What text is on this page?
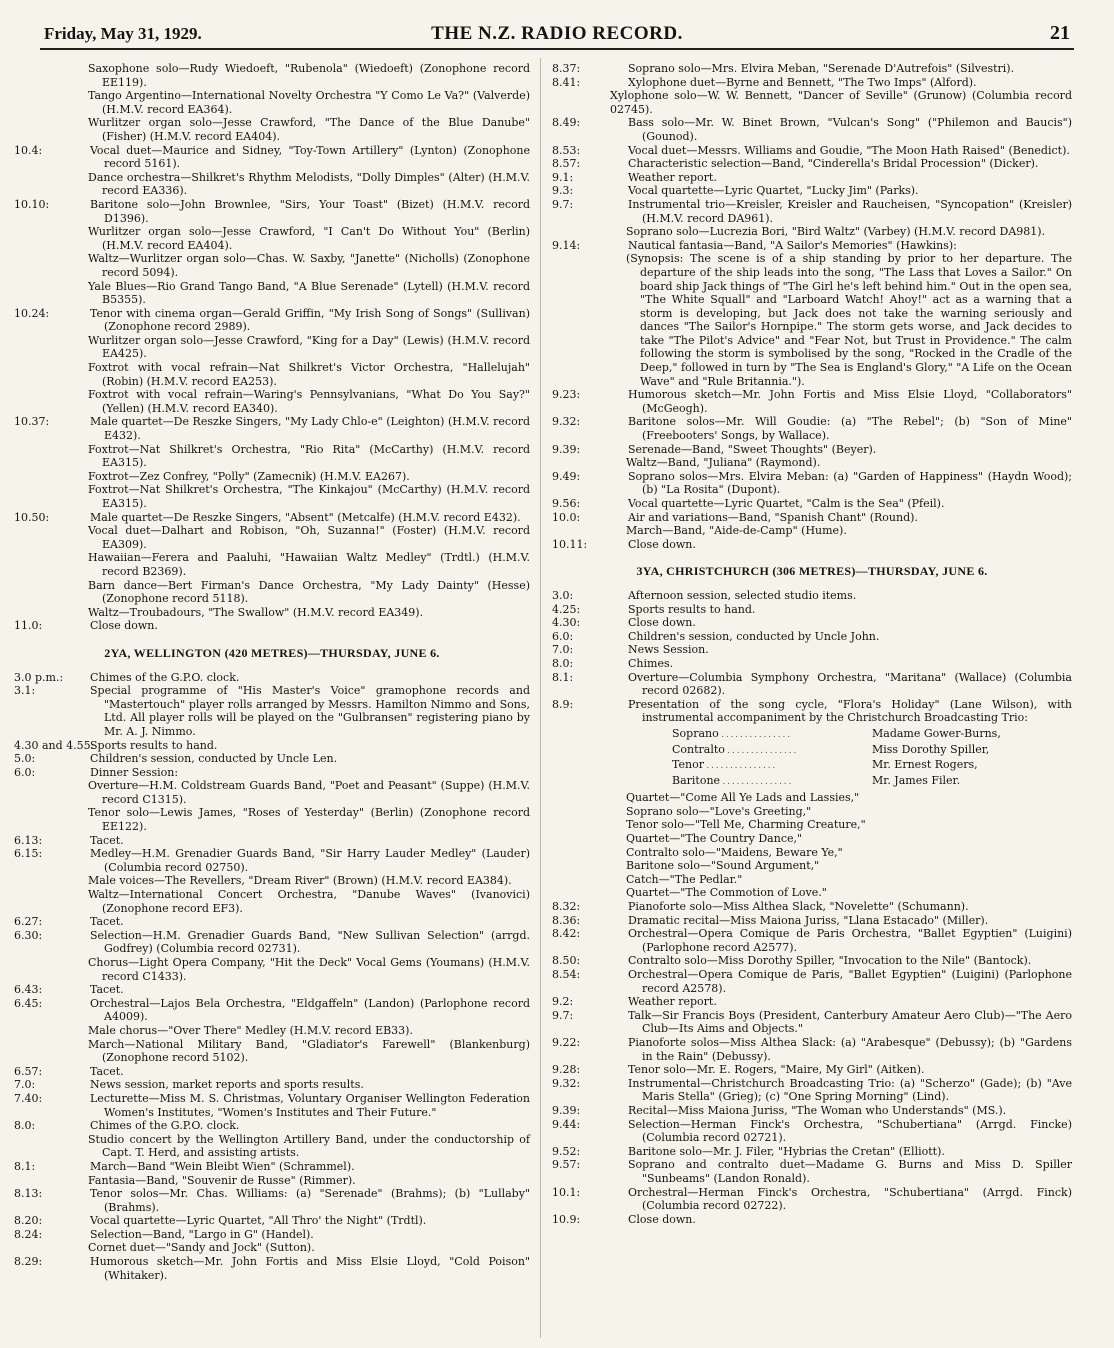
Friday, May 31, 1929.	THE N.Z. RADIO RECORD.	21
Saxophone solo—Rudy Wiedoeft, "Rubenola" (Wiedoeft) (Zonophone record EE119).
Tango Argentino—International Novelty Orchestra "Y Como Le Va?" (Valverde) (H.M.V. record EA364).
Wurlitzer organ solo—Jesse Crawford, "The Dance of the Blue Danube" (Fisher) (H.M.V. record EA404).
10.4:	Vocal duet—Maurice and Sidney, "Toy-Town Artillery" (Lynton) (Zonophone record 5161).
Dance orchestra—Shilkret's Rhythm Melodists, "Dolly Dimples" (Alter) (H.M.V. record EA336).
10.10:	Baritone solo—John Brownlee, "Sirs, Your Toast" (Bizet) (H.M.V. record D1396).
Wurlitzer organ solo—Jesse Crawford, "I Can't Do Without You" (Berlin) (H.M.V. record EA404).
Waltz—Wurlitzer organ solo—Chas. W. Saxby, "Janette" (Nicholls) (Zonophone record 5094).
Yale Blues—Rio Grand Tango Band, "A Blue Serenade" (Lytell) (H.M.V. record B5355).
10.24:	Tenor with cinema organ—Gerald Griffin, "My Irish Song of Songs" (Sullivan) (Zonophone record 2989).
Wurlitzer organ solo—Jesse Crawford, "King for a Day" (Lewis) (H.M.V. record EA425).
Foxtrot with vocal refrain—Nat Shilkret's Victor Orchestra, "Hallelujah" (Robin) (H.M.V. record EA253).
Foxtrot with vocal refrain—Waring's Pennsylvanians, "What Do You Say?" (Yellen) (H.M.V. record EA340).
10.37:	Male quartet—De Reszke Singers, "My Lady Chlo-e" (Leighton) (H.M.V. record E432).
Foxtrot—Nat Shilkret's Orchestra, "Rio Rita" (McCarthy) (H.M.V. record EA315).
Foxtrot—Zez Confrey, "Polly" (Zamecnik) (H.M.V. EA267).
Foxtrot—Nat Shilkret's Orchestra, "The Kinkajou" (McCarthy) (H.M.V. record EA315).
10.50:	Male quartet—De Reszke Singers, "Absent" (Metcalfe) (H.M.V. record E432).
Vocal duet—Dalhart and Robison, "Oh, Suzanna!" (Foster) (H.M.V. record EA309).
Hawaiian—Ferera and Paaluhi, "Hawaiian Waltz Medley" (Trdtl.) (H.M.V. record B2369).
Barn dance—Bert Firman's Dance Orchestra, "My Lady Dainty" (Hesse) (Zonophone record 5118).
Waltz—Troubadours, "The Swallow" (H.M.V. record EA349).
11.0:	Close down.
2YA, WELLINGTON (420 METRES)—THURSDAY, JUNE 6.
3.0 p.m.: Chimes of the G.P.O. clock.
3.1:	Special programme of "His Master's Voice" gramophone records and "Mastertouch" player rolls arranged by Messrs. Hamilton Nimmo and Sons, Ltd. All player rolls will be played on the "Gulbransen" registering piano by Mr. A. J. Nimmo.
4.30 and 4.55:
Sports results to hand.
5.0:	Children's session, conducted by Uncle Len.
6.0:	Dinner Session:
Overture—H.M. Coldstream Guards Band, "Poet and Peasant" (Suppe) (H.M.V. record C1315).
Tenor solo—Lewis James, "Roses of Yesterday" (Berlin) (Zonophone record EE122).
6.13:	Tacet.
6.15:	Medley—H.M. Grenadier Guards Band, "Sir Harry Lauder Medley" (Lauder) (Columbia record 02750).
Male voices—The Revellers, "Dream River" (Brown) (H.M.V. record EA384).
Waltz—International Concert Orchestra, "Danube Waves" (Ivanovici) (Zonophone record EF3).
6.27:	Tacet.
6.30:	Selection—H.M. Grenadier Guards Band, "New Sullivan Selection" (arrgd. Godfrey) (Columbia record 02731).
Chorus—Light Opera Company, "Hit the Deck" Vocal Gems (Youmans) (H.M.V. record C1433).
6.43:	Tacet.
6.45:	Orchestral—Lajos Bela Orchestra, "Eldgaffeln" (Landon) (Parlophone record A4009).
Male chorus—"Over There" Medley (H.M.V. record EB33).
March—National Military Band, "Gladiator's Farewell" (Blankenburg) (Zonophone record 5102).
6.57:	Tacet.
7.0:	News session, market reports and sports results.
7.40:	Lecturette—Miss M. S. Christmas, Voluntary Organiser Wellington Federation Women's Institutes, "Women's Institutes and Their Future."
8.0:	Chimes of the G.P.O. clock.
Studio concert by the Wellington Artillery Band, under the conductorship of Capt. T. Herd, and assisting artists.
8.1:	March—Band "Wein Bleibt Wien" (Schrammel).
Fantasia—Band, "Souvenir de Russe" (Rimmer).
8.13:	Tenor solos—Mr. Chas. Williams: (a) "Serenade" (Brahms); (b) "Lullaby" (Brahms).
8.20:	Vocal quartette—Lyric Quartet, "All Thro' the Night" (Trdtl).
8.24:	Selection—Band, "Largo in G" (Handel).
Cornet duet—"Sandy and Jock" (Sutton).
8.29:	Humorous sketch—Mr. John Fortis and Miss Elsie Lloyd, "Cold Poison" (Whitaker).
8.37:	Soprano solo—Mrs. Elvira Meban, "Serenade D'Autrefois" (Silvestri).
8.41:	Xylophone duet—Byrne and Bennett, "The Two Imps" (Alford).
Xylophone solo—W. W. Bennett, "Dancer of Seville" (Grunow) (Columbia record 02745).
8.49:	Bass solo—Mr. W. Binet Brown, "Vulcan's Song" ("Philemon and Baucis") (Gounod).
8.53:	Vocal duet—Messrs. Williams and Goudie, "The Moon Hath Raised" (Benedict).
8.57:	Characteristic selection—Band, "Cinderella's Bridal Procession" (Dicker).
9.1:	Weather report.
9.3:	Vocal quartette—Lyric Quartet, "Lucky Jim" (Parks).
9.7:	Instrumental trio—Kreisler, Kreisler and Raucheisen, "Syncopation" (Kreisler) (H.M.V. record DA961).
Soprano solo—Lucrezia Bori, "Bird Waltz" (Varbey) (H.M.V. record DA981).
9.14:	Nautical fantasia—Band, "A Sailor's Memories" (Hawkins):
(Synopsis: The scene is of a ship standing by prior to her departure. The departure of the ship leads into the song, "The Lass that Loves a Sailor." On board ship Jack things of "The Girl he's left behind him." Out in the open sea, "The White Squall" and "Larboard Watch! Ahoy!" act as a warning that a storm is developing, but Jack does not take the warning seriously and dances "The Sailor's Hornpipe." The storm gets worse, and Jack decides to take "The Pilot's Advice" and "Fear Not, but Trust in Providence." The calm following the storm is symbolised by the song, "Rocked in the Cradle of the Deep," followed in turn by "The Sea is England's Glory," "A Life on the Ocean Wave" and "Rule Britannia.").
9.23:	Humorous sketch—Mr. John Fortis and Miss Elsie Lloyd, "Collaborators" (McGeogh).
9.32:	Baritone solos—Mr. Will Goudie: (a) "The Rebel"; (b) "Son of Mine" (Freebooters' Songs, by Wallace).
9.39:	Serenade—Band, "Sweet Thoughts" (Beyer).
Waltz—Band, "Juliana" (Raymond).
9.49:	Soprano solos—Mrs. Elvira Meban: (a) "Garden of Happiness" (Haydn Wood); (b) "La Rosita" (Dupont).
9.56:	Vocal quartette—Lyric Quartet, "Calm is the Sea" (Pfeil).
10.0:	Air and variations—Band, "Spanish Chant" (Round).
March—Band, "Aide-de-Camp" (Hume).
10.11:	Close down.
3YA, CHRISTCHURCH (306 METRES)—THURSDAY, JUNE 6.
3.0:	Afternoon session, selected studio items.
4.25:	Sports results to hand.
4.30:	Close down.
6.0:	Children's session, conducted by Uncle John.
7.0:	News Session.
8.0:	Chimes.
8.1:	Overture—Columbia Symphony Orchestra, "Maritana" (Wallace) (Columbia record 02682).
8.9:	Presentation of the song cycle, "Flora's Holiday" (Lane Wilson), with instrumental accompaniment by the Christchurch Broadcasting Trio:
Soprano . . .	Madame Gower-Burns,
Contralto . . .	Miss Dorothy Spiller,
Tenor . . .	Mr. Ernest Rogers,
Baritone . . .	Mr. James Filer.
Quartet—"Come All Ye Lads and Lassies,"
Soprano solo—"Love's Greeting,"
Tenor solo—"Tell Me, Charming Creature,"
Quartet—"The Country Dance,"
Contralto solo—"Maidens, Beware Ye,"
Baritone solo—"Sound Argument,"
Catch—"The Pedlar."
Quartet—"The Commotion of Love."
8.32:	Pianoforte solo—Miss Althea Slack, "Novelette" (Schumann).
8.36:	Dramatic recital—Miss Maiona Juriss, "Llana Estacado" (Miller).
8.42:	Orchestral—Opera Comique de Paris Orchestra, "Ballet Egyptien" (Luigini) (Parlophone record A2577).
8.50:	Contralto solo—Miss Dorothy Spiller, "Invocation to the Nile" (Bantock).
8.54:	Orchestral—Opera Comique de Paris, "Ballet Egyptien" (Luigini) (Parlophone record A2578).
9.2:	Weather report.
9.7:	Talk—Sir Francis Boys (President, Canterbury Amateur Aero Club)—"The Aero Club—Its Aims and Objects."
9.22:	Pianoforte solos—Miss Althea Slack: (a) "Arabesque" (Debussy); (b) "Gardens in the Rain" (Debussy).
9.28:	Tenor solo—Mr. E. Rogers, "Maire, My Girl" (Aitken).
9.32:	Instrumental—Christchurch Broadcasting Trio: (a) "Scherzo" (Gade); (b) "Ave Maris Stella" (Grieg); (c) "One Spring Morning" (Lind).
9.39:	Recital—Miss Maiona Juriss, "The Woman who Understands" (MS.).
9.44:	Selection—Herman Finck's Orchestra, "Schubertiana" (Arrgd. Fincke) (Columbia record 02721).
9.52:	Baritone solo—Mr. J. Filer, "Hybrias the Cretan" (Elliott).
9.57:	Soprano and contralto duet—Madame G. Burns and Miss D. Spiller "Sunbeams" (Landon Ronald).
10.1:	Orchestral—Herman Finck's Orchestra, "Schubertiana" (Arrgd. Finck) (Columbia record 02722).
10.9:	Close down.
